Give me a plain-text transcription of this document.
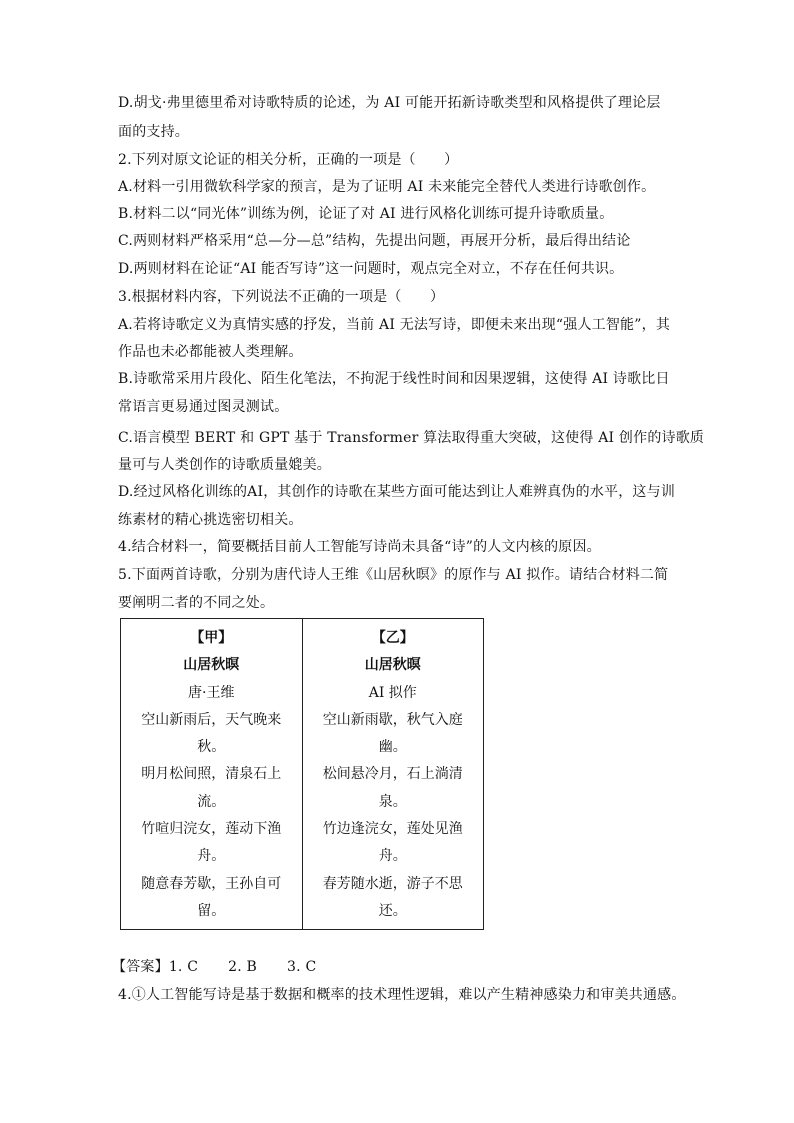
D.胡戈·弗里德里希对诗歌特质的论述，为 AI 可能开拓新诗歌类型和风格提供了理论层
面的支持。
2.下列对原文论证的相关分析，正确的一项是（　　）
A.材料一引用微软科学家的预言，是为了证明 AI 未来能完全替代人类进行诗歌创作。
B.材料二以“同光体”训练为例，论证了对 AI 进行风格化训练可提升诗歌质量。
C.两则材料严格采用“总—分—总”结构，先提出问题，再展开分析，最后得出结论
D.两则材料在论证“AI 能否写诗”这一问题时，观点完全对立，不存在任何共识。
3.根据材料内容，下列说法不正确的一项是（　　）
A.若将诗歌定义为真情实感的抒发，当前 AI 无法写诗，即便未来出现“强人工智能”，其
作品也未必都能被人类理解。
B.诗歌常采用片段化、陌生化笔法，不拘泥于线性时间和因果逻辑，这使得 AI 诗歌比日
常语言更易通过图灵测试。
C.语言模型 BERT 和 GPT 基于 Transformer 算法取得重大突破，这使得 AI 创作的诗歌质
量可与人类创作的诗歌质量媲美。
D.经过风格化训练的AI，其创作的诗歌在某些方面可能达到让人难辨真伪的水平，这与训
练素材的精心挑选密切相关。
4.结合材料一，简要概括目前人工智能写诗尚未具备“诗”的人文内核的原因。
5.下面两首诗歌，分别为唐代诗人王维《山居秋暝》的原作与 AI 拟作。请结合材料二简
要阐明二者的不同之处。
【甲】
山居秋暝
唐·王维
空山新雨后，天气晚来
秋。
明月松间照，清泉石上
流。
竹喧归浣女，莲动下渔
舟。
随意春芳歇，王孙自可
留。

【乙】
山居秋暝
AI 拟作
空山新雨歇，秋气入庭
幽。
松间悬冷月，石上淌清
泉。
竹边逢浣女，莲处见渔
舟。
春芳随水逝，游子不思
还。
【答案】1. C 2. B 3. C
4.①人工智能写诗是基于数据和概率的技术理性逻辑，难以产生精神感染力和审美共通感。
